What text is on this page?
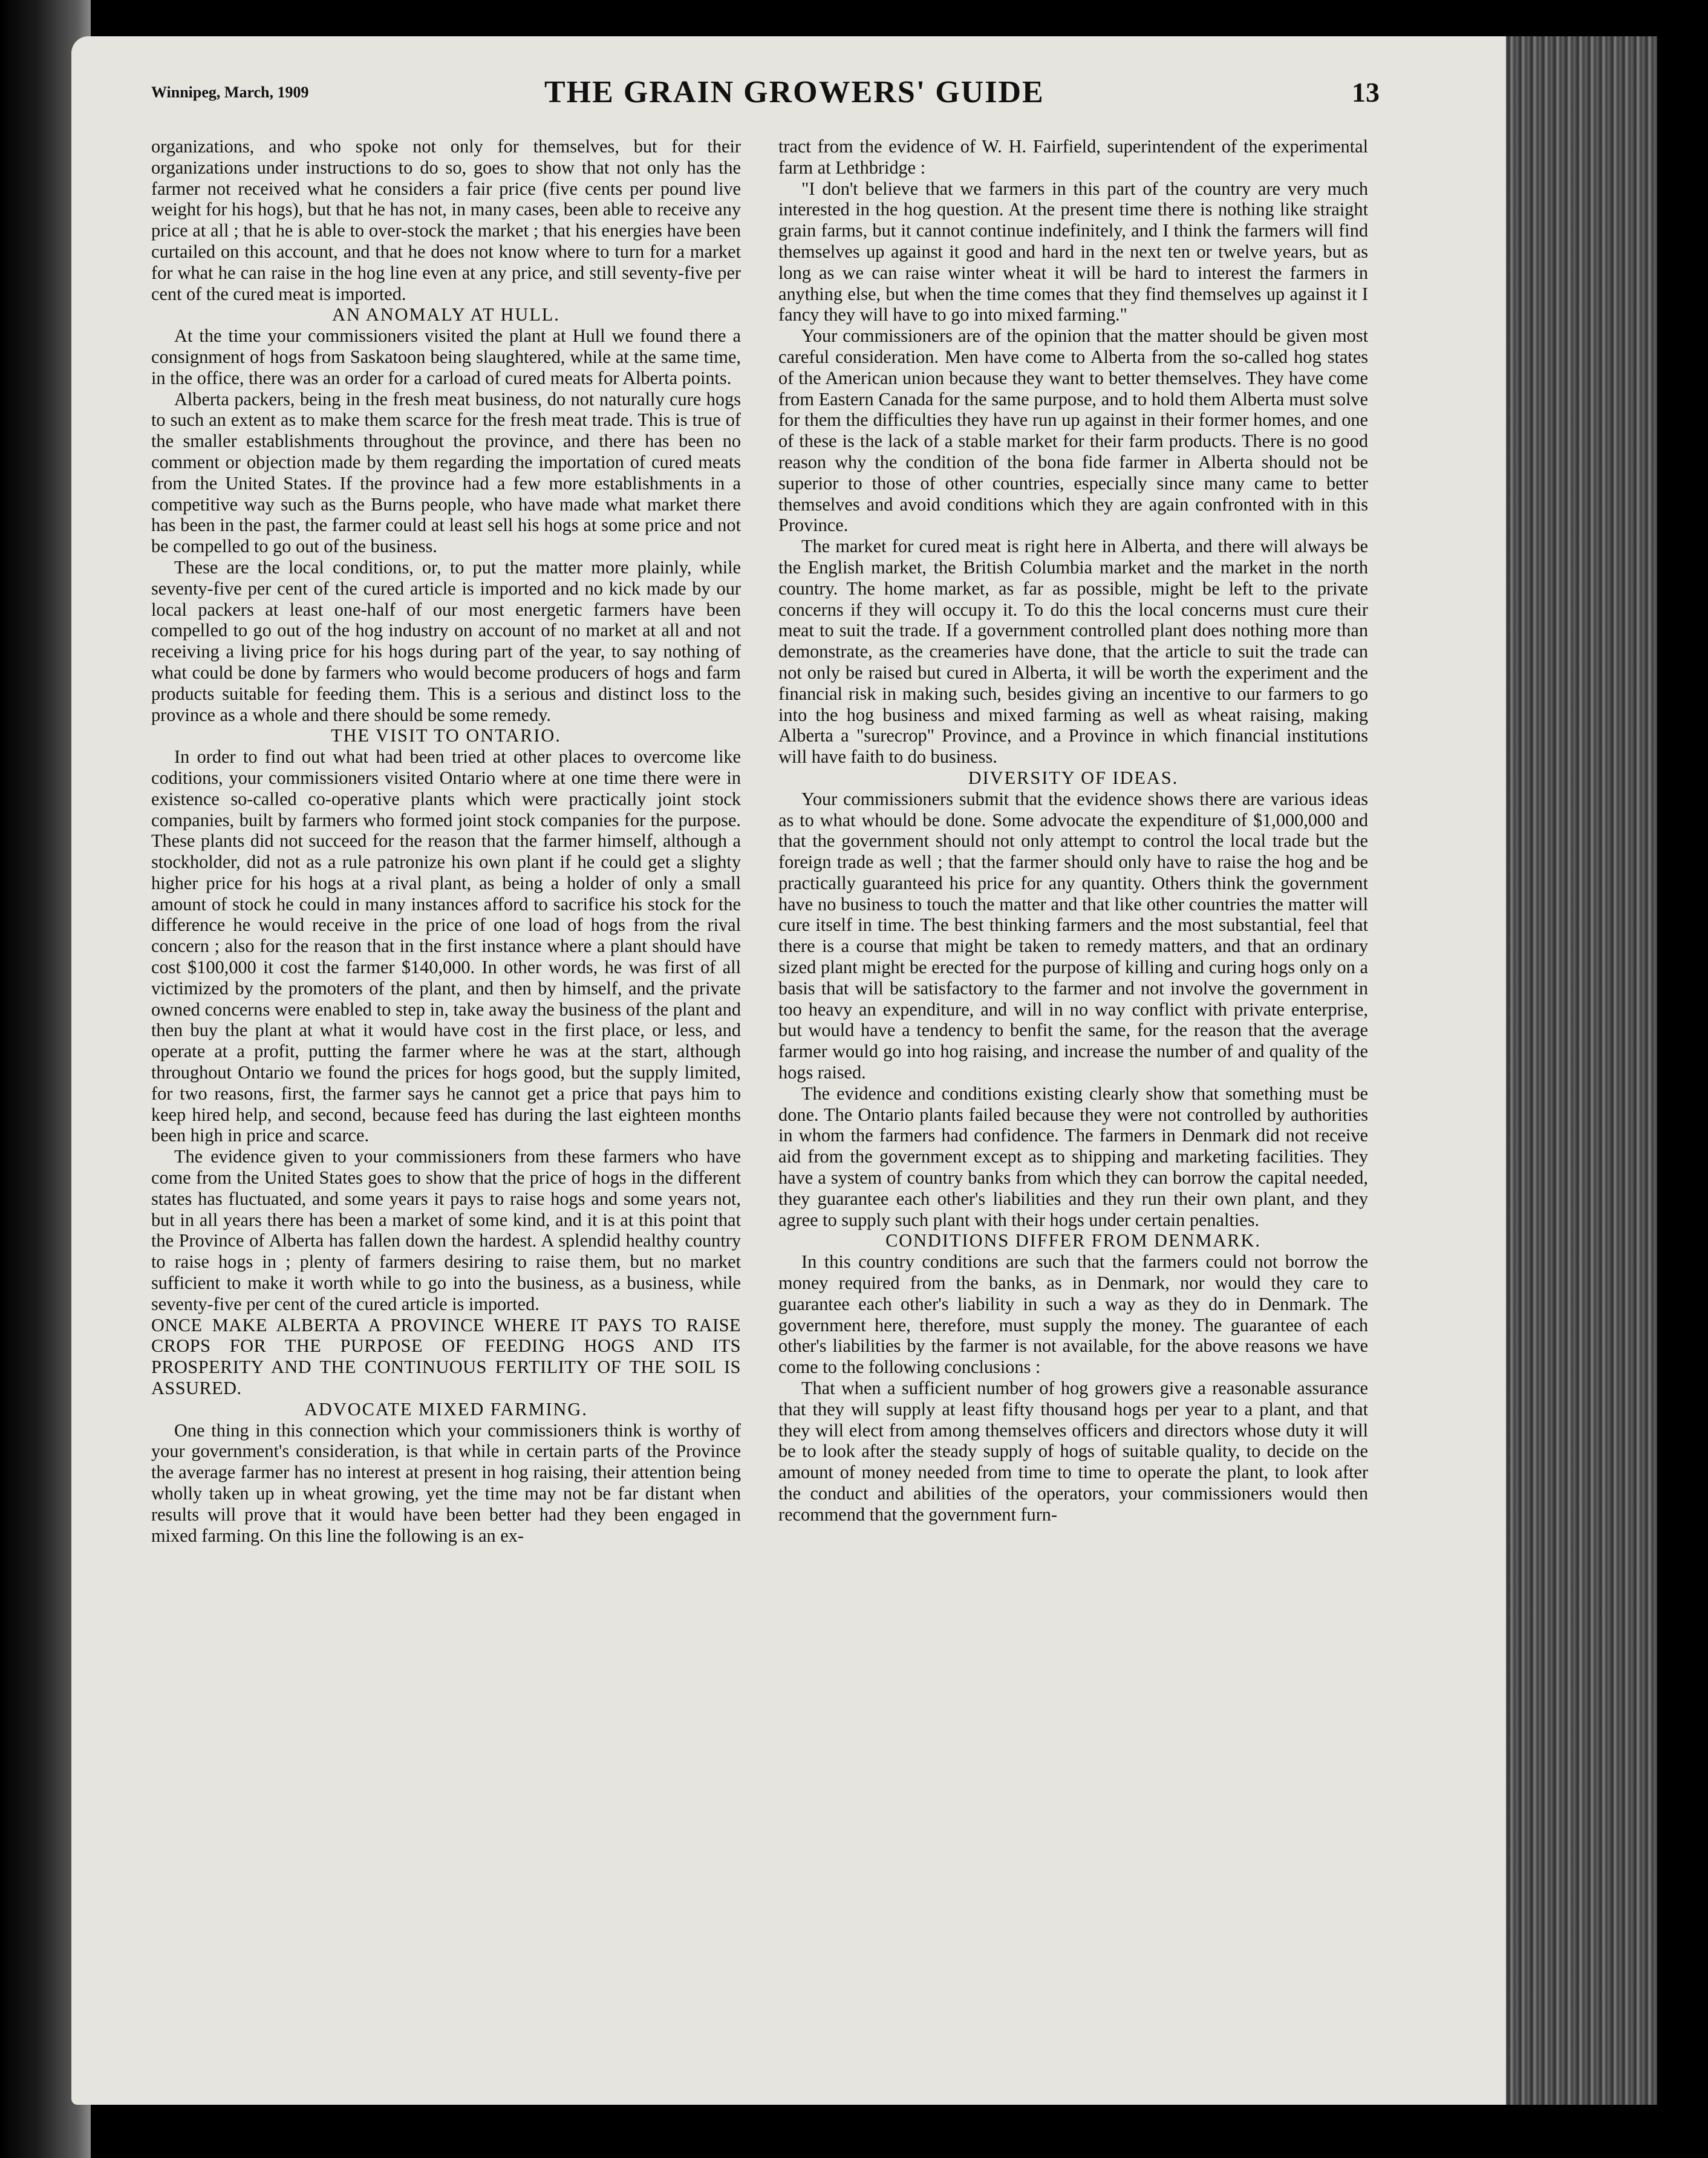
Winnipeg, March, 1909	THE GRAIN GROWERS' GUIDE	13

organizations, and who spoke not only for themselves, but for their organizations under instructions to do so, goes to show that not only has the farmer not received what he considers a fair price (five cents per pound live weight for his hogs), but that he has not, in many cases, been able to receive any price at all ; that he is able to over-stock the market ; that his energies have been curtailed on this account, and that he does not know where to turn for a market for what he can raise in the hog line even at any price, and still seventy-five per cent of the cured meat is imported.

AN ANOMALY AT HULL.

At the time your commissioners visited the plant at Hull we found there a consignment of hogs from Saskatoon being slaughtered, while at the same time, in the office, there was an order for a carload of cured meats for Alberta points.

Alberta packers, being in the fresh meat business, do not naturally cure hogs to such an extent as to make them scarce for the fresh meat trade. This is true of the smaller establishments throughout the province, and there has been no comment or objection made by them regarding the importation of cured meats from the United States. If the province had a few more establishments in a competitive way such as the Burns people, who have made what market there has been in the past, the farmer could at least sell his hogs at some price and not be compelled to go out of the business.

These are the local conditions, or, to put the matter more plainly, while seventy-five per cent of the cured article is imported and no kick made by our local packers at least one-half of our most energetic farmers have been compelled to go out of the hog industry on account of no market at all and not receiving a living price for his hogs during part of the year, to say nothing of what could be done by farmers who would become producers of hogs and farm products suitable for feeding them. This is a serious and distinct loss to the province as a whole and there should be some remedy.

THE VISIT TO ONTARIO.

In order to find out what had been tried at other places to overcome like coditions, your commissioners visited Ontario where at one time there were in existence so-called co-operative plants which were practically joint stock companies, built by farmers who formed joint stock companies for the purpose. These plants did not succeed for the reason that the farmer himself, although a stockholder, did not as a rule patronize his own plant if he could get a slighty higher price for his hogs at a rival plant, as being a holder of only a small amount of stock he could in many instances afford to sacrifice his stock for the difference he would receive in the price of one load of hogs from the rival concern ; also for the reason that in the first instance where a plant should have cost $100,000 it cost the farmer $140,000. In other words, he was first of all victimized by the promoters of the plant, and then by himself, and the private owned concerns were enabled to step in, take away the business of the plant and then buy the plant at what it would have cost in the first place, or less, and operate at a profit, putting the farmer where he was at the start, although throughout Ontario we found the prices for hogs good, but the supply limited, for two reasons, first, the farmer says he cannot get a price that pays him to keep hired help, and second, because feed has during the last eighteen months been high in price and scarce.

The evidence given to your commissioners from these farmers who have come from the United States goes to show that the price of hogs in the different states has fluctuated, and some years it pays to raise hogs and some years not, but in all years there has been a market of some kind, and it is at this point that the Province of Alberta has fallen down the hardest. A splendid healthy country to raise hogs in ; plenty of farmers desiring to raise them, but no market sufficient to make it worth while to go into the business, as a business, while seventy-five per cent of the cured article is imported.

ONCE MAKE ALBERTA A PROVINCE WHERE IT PAYS TO RAISE CROPS FOR THE PURPOSE OF FEEDING HOGS AND ITS PROSPERITY AND THE CONTINUOUS FERTILITY OF THE SOIL IS ASSURED.

ADVOCATE MIXED FARMING.

One thing in this connection which your commissioners think is worthy of your government's consideration, is that while in certain parts of the Province the average farmer has no interest at present in hog raising, their attention being wholly taken up in wheat growing, yet the time may not be far distant when results will prove that it would have been better had they been engaged in mixed farming. On this line the following is an ex-

tract from the evidence of W. H. Fairfield, superintendent of the experimental farm at Lethbridge :

"I don't believe that we farmers in this part of the country are very much interested in the hog question. At the present time there is nothing like straight grain farms, but it cannot continue indefinitely, and I think the farmers will find themselves up against it good and hard in the next ten or twelve years, but as long as we can raise winter wheat it will be hard to interest the farmers in anything else, but when the time comes that they find themselves up against it I fancy they will have to go into mixed farming."

Your commissioners are of the opinion that the matter should be given most careful consideration. Men have come to Alberta from the so-called hog states of the American union because they want to better themselves. They have come from Eastern Canada for the same purpose, and to hold them Alberta must solve for them the difficulties they have run up against in their former homes, and one of these is the lack of a stable market for their farm products. There is no good reason why the condition of the bona fide farmer in Alberta should not be superior to those of other countries, especially since many came to better themselves and avoid conditions which they are again confronted with in this Province.

The market for cured meat is right here in Alberta, and there will always be the English market, the British Columbia market and the market in the north country. The home market, as far as possible, might be left to the private concerns if they will occupy it. To do this the local concerns must cure their meat to suit the trade. If a government controlled plant does nothing more than demonstrate, as the creameries have done, that the article to suit the trade can not only be raised but cured in Alberta, it will be worth the experiment and the financial risk in making such, besides giving an incentive to our farmers to go into the hog business and mixed farming as well as wheat raising, making Alberta a "surecrop" Province, and a Province in which financial institutions will have faith to do business.

DIVERSITY OF IDEAS.

Your commissioners submit that the evidence shows there are various ideas as to what whould be done. Some advocate the expenditure of $1,000,000 and that the government should not only attempt to control the local trade but the foreign trade as well ; that the farmer should only have to raise the hog and be practically guaranteed his price for any quantity. Others think the government have no business to touch the matter and that like other countries the matter will cure itself in time. The best thinking farmers and the most substantial, feel that there is a course that might be taken to remedy matters, and that an ordinary sized plant might be erected for the purpose of killing and curing hogs only on a basis that will be satisfactory to the farmer and not involve the government in too heavy an expenditure, and will in no way conflict with private enterprise, but would have a tendency to benfit the same, for the reason that the average farmer would go into hog raising, and increase the number of and quality of the hogs raised.

The evidence and conditions existing clearly show that something must be done. The Ontario plants failed because they were not controlled by authorities in whom the farmers had confidence. The farmers in Denmark did not receive aid from the government except as to shipping and marketing facilities. They have a system of country banks from which they can borrow the capital needed, they guarantee each other's liabilities and they run their own plant, and they agree to supply such plant with their hogs under certain penalties.

CONDITIONS DIFFER FROM DENMARK.

In this country conditions are such that the farmers could not borrow the money required from the banks, as in Denmark, nor would they care to guarantee each other's liability in such a way as they do in Denmark. The government here, therefore, must supply the money. The guarantee of each other's liabilities by the farmer is not available, for the above reasons we have come to the following conclusions :

That when a sufficient number of hog growers give a reasonable assurance that they will supply at least fifty thousand hogs per year to a plant, and that they will elect from among themselves officers and directors whose duty it will be to look after the steady supply of hogs of suitable quality, to decide on the amount of money needed from time to time to operate the plant, to look after the conduct and abilities of the operators, your commissioners would then recommend that the government furn-
